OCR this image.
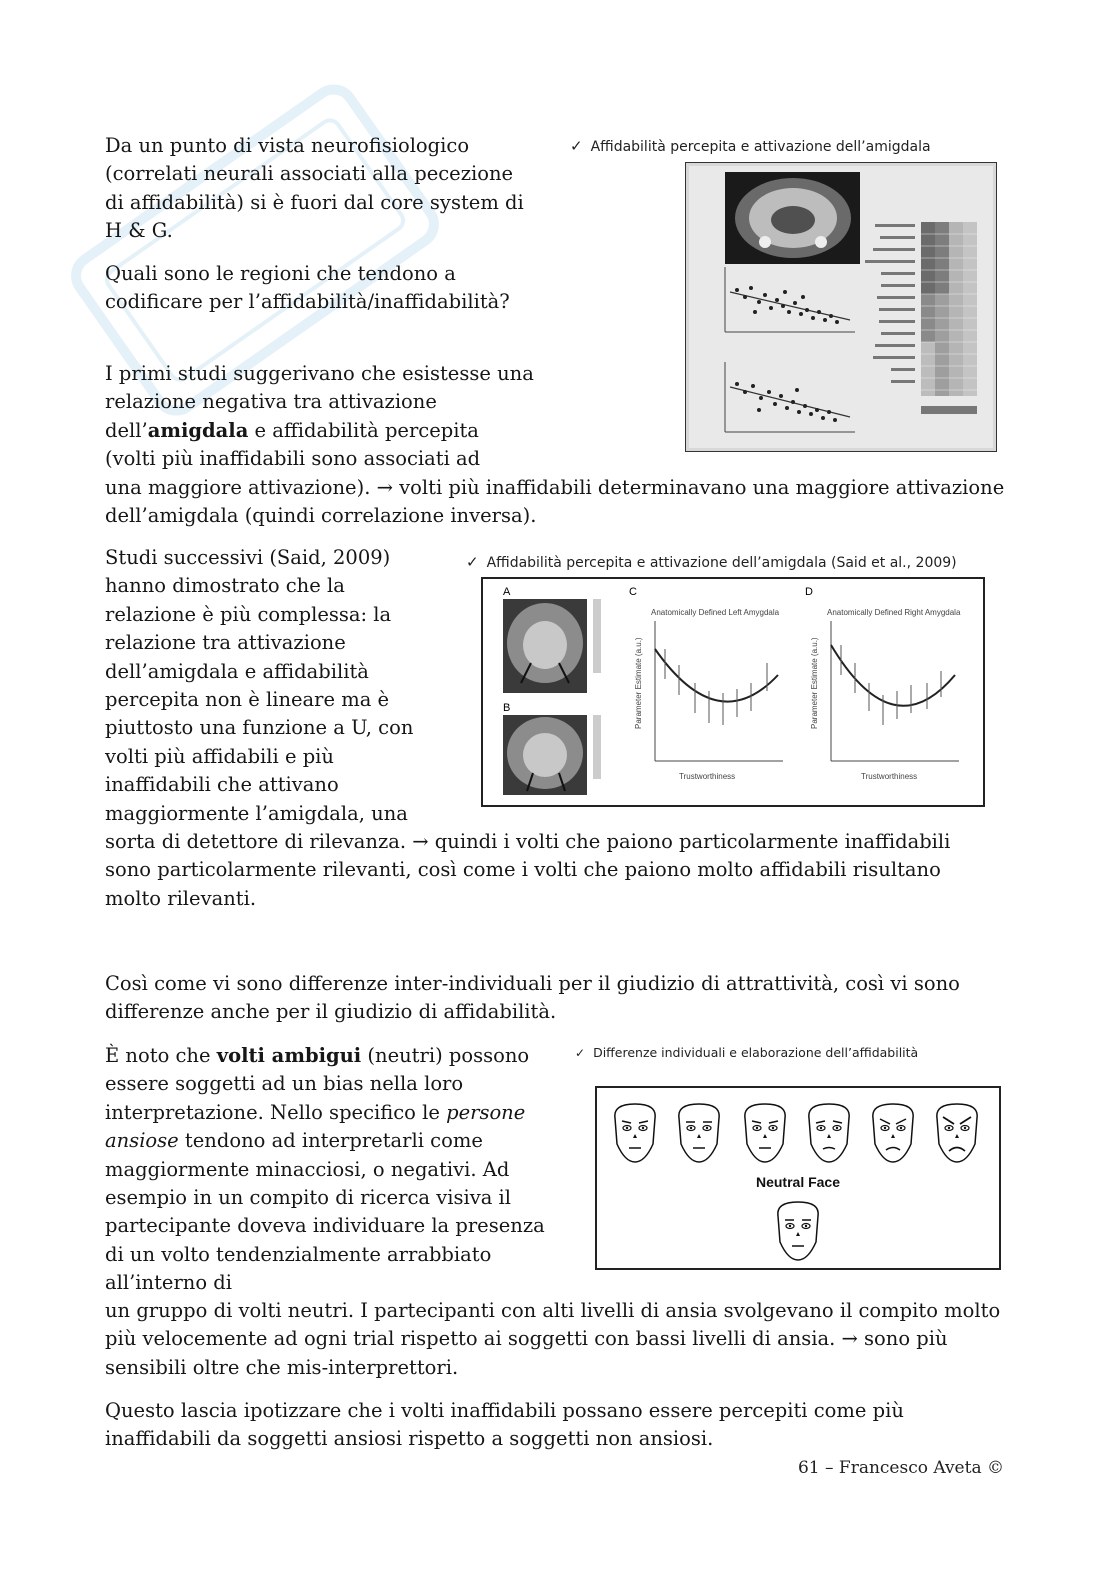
Da un punto di vista neurofisiologico (correlati neurali associati alla pecezione di affidabilità) si è fuori dal core system di H & G.

Quali sono le regioni che tendono a codificare per l’affidabilità/inaffidabilità?

I primi studi suggerivano che esistesse una relazione negativa tra attivazione dell’amigdala e affidabilità percepita (volti più inaffidabili sono associati ad

una maggiore attivazione). → volti più inaffidabili determinavano una maggiore attivazione dell’amigdala (quindi correlazione inversa).

✓ Affidabilità percepita e attivazione dell’amigdala

Studi successivi (Said, 2009) hanno dimostrato che la relazione è più complessa: la relazione tra attivazione dell’amigdala e affidabilità percepita non è lineare ma è piuttosto una funzione a U, con volti più affidabili e più inaffidabili che attivano maggiormente l’amigdala, una

sorta di detettore di rilevanza. → quindi i volti che paiono particolarmente inaffidabili sono particolarmente rilevanti, così come i volti che paiono molto affidabili risultano molto rilevanti.

✓ Affidabilità percepita e attivazione dell’amigdala (Said et al., 2009)
A
B
C	D
Anatomically Defined Left Amygdala
Trustworthiness
Parameter Estimate (a.u.)
Anatomically Defined Right Amygdala
Trustworthiness
Parameter Estimate (a.u.)

Così come vi sono differenze inter-individuali per il giudizio di attrattività, così vi sono differenze anche per il giudizio di affidabilità.

È noto che volti ambigui (neutri) possono essere soggetti ad un bias nella loro interpretazione. Nello specifico le persone ansiose tendono ad interpretarli come maggiormente minacciosi, o negativi. Ad esempio in un compito di ricerca visiva il partecipante doveva individuare la presenza di un volto tendenzialmente arrabbiato all’interno di

un gruppo di volti neutri. I partecipanti con alti livelli di ansia svolgevano il compito molto più velocemente ad ogni trial rispetto ai soggetti con bassi livelli di ansia. → sono più sensibili oltre che mis-interprettori.

✓ Differenze individuali e elaborazione dell’affidabilità
Neutral Face

Questo lascia ipotizzare che i volti inaffidabili possano essere percepiti come più inaffidabili da soggetti ansiosi rispetto a soggetti non ansiosi.

61 – Francesco Aveta ©
